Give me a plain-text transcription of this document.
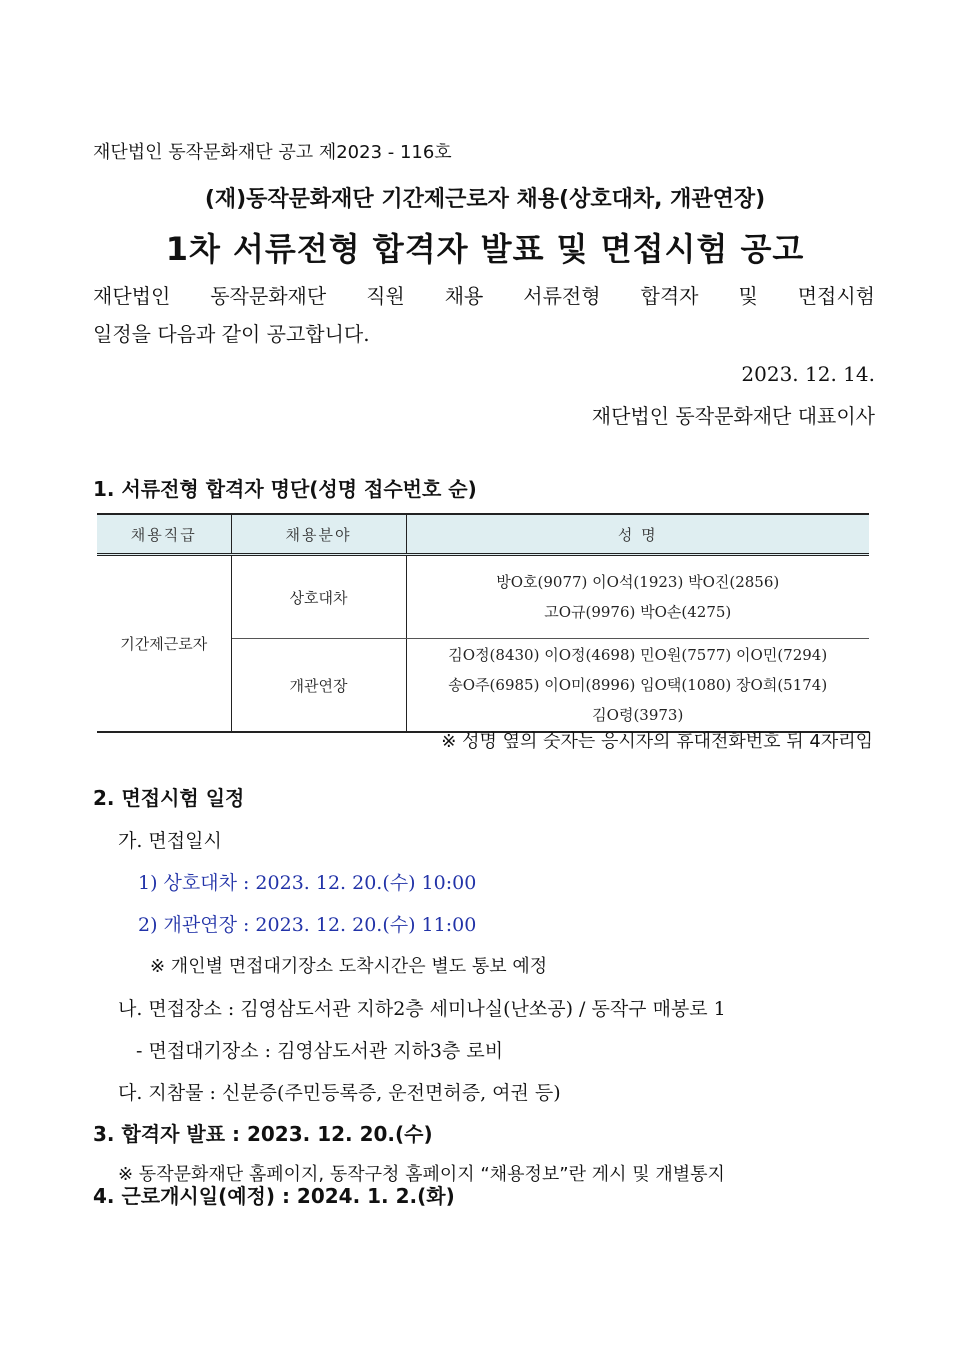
재단법인 동작문화재단 공고 제2023 - 116호
(재)동작문화재단 기간제근로자 채용(상호대차, 개관연장)
1차 서류전형 합격자 발표 및 면접시험 공고
재단법인 동작문화재단 직원 채용 서류전형 합격자 및 면접시험
일정을 다음과 같이 공고합니다.
2023. 12. 14.
재단법인 동작문화재단 대표이사
1. 서류전형 합격자 명단(성명 접수번호 순)
채용직급	채용분야	성 명
기간제근로자	상호대차	방O호(9077) 이O석(1923) 박O진(2856)
고O규(9976) 박O손(4275)

	개관연장	김O정(8430) 이O정(4698) 민O원(7577) 이O민(7294)
송O주(6985) 이O미(8996) 임O택(1080) 장O희(5174)
김O령(3973)
※ 성명 옆의 숫자는 응시자의 휴대전화번호 뒤 4자리임
2. 면접시험 일정
가. 면접일시
1) 상호대차 : 2023. 12. 20.(수) 10:00
2) 개관연장 : 2023. 12. 20.(수) 11:00
※ 개인별 면접대기장소 도착시간은 별도 통보 예정
나. 면접장소 : 김영삼도서관 지하2층 세미나실(난쏘공) / 동작구 매봉로 1
- 면접대기장소 : 김영삼도서관 지하3층 로비
다. 지참물 : 신분증(주민등록증, 운전면허증, 여권 등)
3. 합격자 발표 : 2023. 12. 20.(수)
※ 동작문화재단 홈페이지, 동작구청 홈페이지 “채용정보”란 게시 및 개별통지
4. 근로개시일(예정) : 2024. 1. 2.(화)
